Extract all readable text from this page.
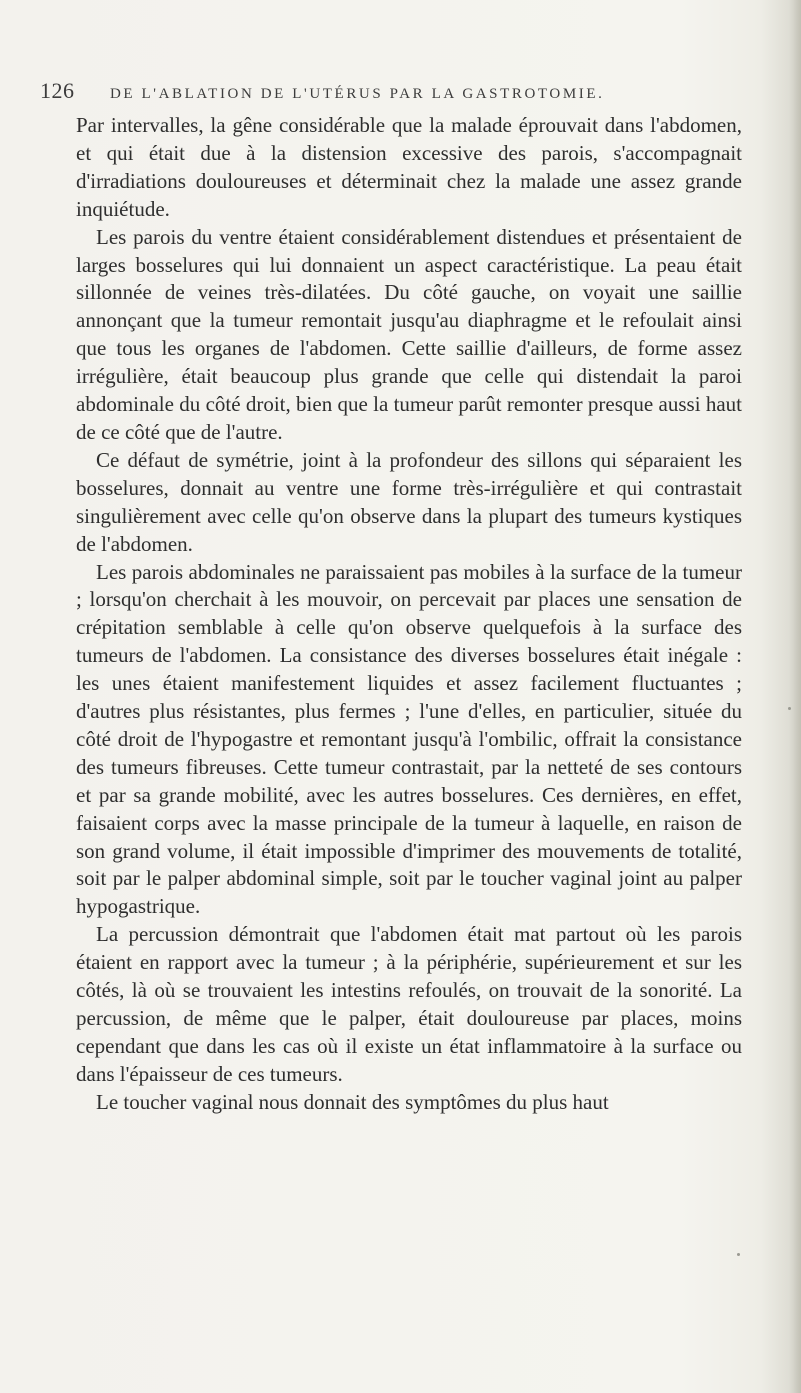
126 DE L'ABLATION DE L'UTÉRUS PAR LA GASTROTOMIE.

Par intervalles, la gêne considérable que la malade éprouvait dans l'abdomen, et qui était due à la distension excessive des parois, s'accompagnait d'irradiations douloureuses et déterminait chez la malade une assez grande inquiétude.

Les parois du ventre étaient considérablement distendues et présentaient de larges bosselures qui lui donnaient un aspect caractéristique. La peau était sillonnée de veines très-dilatées. Du côté gauche, on voyait une saillie annonçant que la tumeur remontait jusqu'au diaphragme et le refoulait ainsi que tous les organes de l'abdomen. Cette saillie d'ailleurs, de forme assez irrégulière, était beaucoup plus grande que celle qui distendait la paroi abdominale du côté droit, bien que la tumeur parût remonter presque aussi haut de ce côté que de l'autre.

Ce défaut de symétrie, joint à la profondeur des sillons qui séparaient les bosselures, donnait au ventre une forme très-irrégulière et qui contrastait singulièrement avec celle qu'on observe dans la plupart des tumeurs kystiques de l'abdomen.

Les parois abdominales ne paraissaient pas mobiles à la surface de la tumeur ; lorsqu'on cherchait à les mouvoir, on percevait par places une sensation de crépitation semblable à celle qu'on observe quelquefois à la surface des tumeurs de l'abdomen. La consistance des diverses bosselures était inégale : les unes étaient manifestement liquides et assez facilement fluctuantes ; d'autres plus résistantes, plus fermes ; l'une d'elles, en particulier, située du côté droit de l'hypogastre et remontant jusqu'à l'ombilic, offrait la consistance des tumeurs fibreuses. Cette tumeur contrastait, par la netteté de ses contours et par sa grande mobilité, avec les autres bosselures. Ces dernières, en effet, faisaient corps avec la masse principale de la tumeur à laquelle, en raison de son grand volume, il était impossible d'imprimer des mouvements de totalité, soit par le palper abdominal simple, soit par le toucher vaginal joint au palper hypogastrique.

La percussion démontrait que l'abdomen était mat partout où les parois étaient en rapport avec la tumeur ; à la périphérie, supérieurement et sur les côtés, là où se trouvaient les intestins refoulés, on trouvait de la sonorité. La percussion, de même que le palper, était douloureuse par places, moins cependant que dans les cas où il existe un état inflammatoire à la surface ou dans l'épaisseur de ces tumeurs.

Le toucher vaginal nous donnait des symptômes du plus haut
